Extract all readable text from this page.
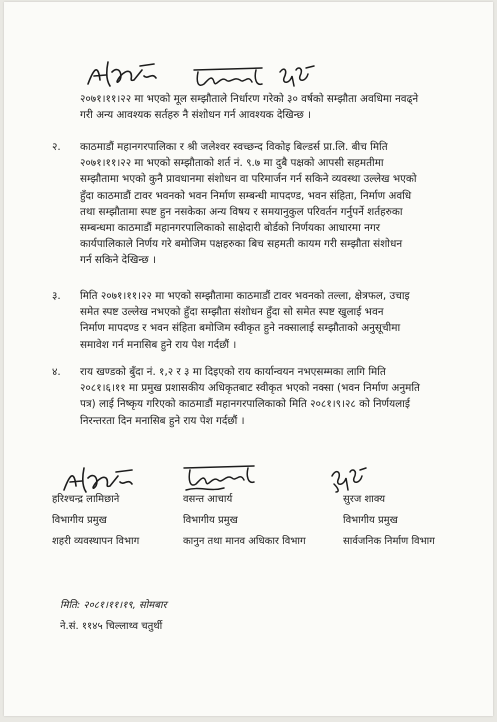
२०७१।११।२२ मा भएको मूल सम्झौताले निर्धारण गरेको ३० वर्षको सम्झौता अवधिमा नवढ्ने
गरी अन्य आवश्यक सर्तहरु नै संशोधन गर्न आवश्यक देखिन्छ ।
२. काठमाडौं महानगरपालिका र श्री जलेश्वर स्वच्छन्द विकोइ बिल्डर्स प्रा.लि. बीच मिति
२०७१।११।२२ मा भएको सम्झौताको शर्त नं. ९.७ मा दुबै पक्षको आपसी सहमतीमा
सम्झौतामा भएको कुनै प्रावधानमा संशोधन वा परिमार्जन गर्न सकिने व्यवस्था उल्लेख भएको
हुँदा काठमाडौं टावर भवनको भवन निर्माण सम्बन्धी मापदण्ड, भवन संहिता, निर्माण अवधि
तथा सम्झौतामा स्पष्ट हुन नसकेका अन्य विषय र समयानुकुल परिवर्तन गर्नुपर्ने शर्तहरुका
सम्बन्धमा काठमाडौं महानगरपालिकाको साक्षेदारी बोर्डको निर्णयका आधारमा नगर
कार्यपालिकाले निर्णय गरे बमोजिम पक्षहरुका बिच सहमती कायम गरी सम्झौता संशोधन
गर्न सकिने देखिन्छ ।
३. मिति २०७१।११।२२ मा भएको सम्झौतामा काठमाडौं टावर भवनको तल्ला, क्षेत्रफल, उचाइ
समेत स्पष्ट उल्लेख नभएको हुँदा सम्झौता संशोधन हुँदा सो समेत स्पष्ट खुलाई भवन
निर्माण मापदण्ड र भवन संहिता बमोजिम स्वीकृत हुने नक्सालाई सम्झौताको अनुसूचीमा
समावेश गर्न मनासिब हुने राय पेश गर्दछौं ।
४. राय खण्डको बुँदा नं. १,२ र ३ मा दिइएको राय कार्यान्वयन नभएसम्मका लागि मिति
२०८१।६।११ मा प्रमुख प्रशासकीय अधिकृतबाट स्वीकृत भएको नक्सा (भवन निर्माण अनुमति
पत्र) लाई निष्कृय गरिएको काठमाडौं महानगरपालिकाको मिति २०८१।९।२८ को निर्णयलाई
निरन्तरता दिन मनासिब हुने राय पेश गर्दछौं ।
हरिश्चन्द्र लामिछाने
विभागीय प्रमुख
शहरी व्यवस्थापन विभाग
वसन्त आचार्य
विभागीय प्रमुख
कानुन तथा मानव अधिकार विभाग
सुरज शाक्य
विभागीय प्रमुख
सार्वजनिक निर्माण विभाग
मिति: २०८१।११।१९, सोमबार
ने.सं. ११४५ चिल्लाथ्व चतुर्थी
